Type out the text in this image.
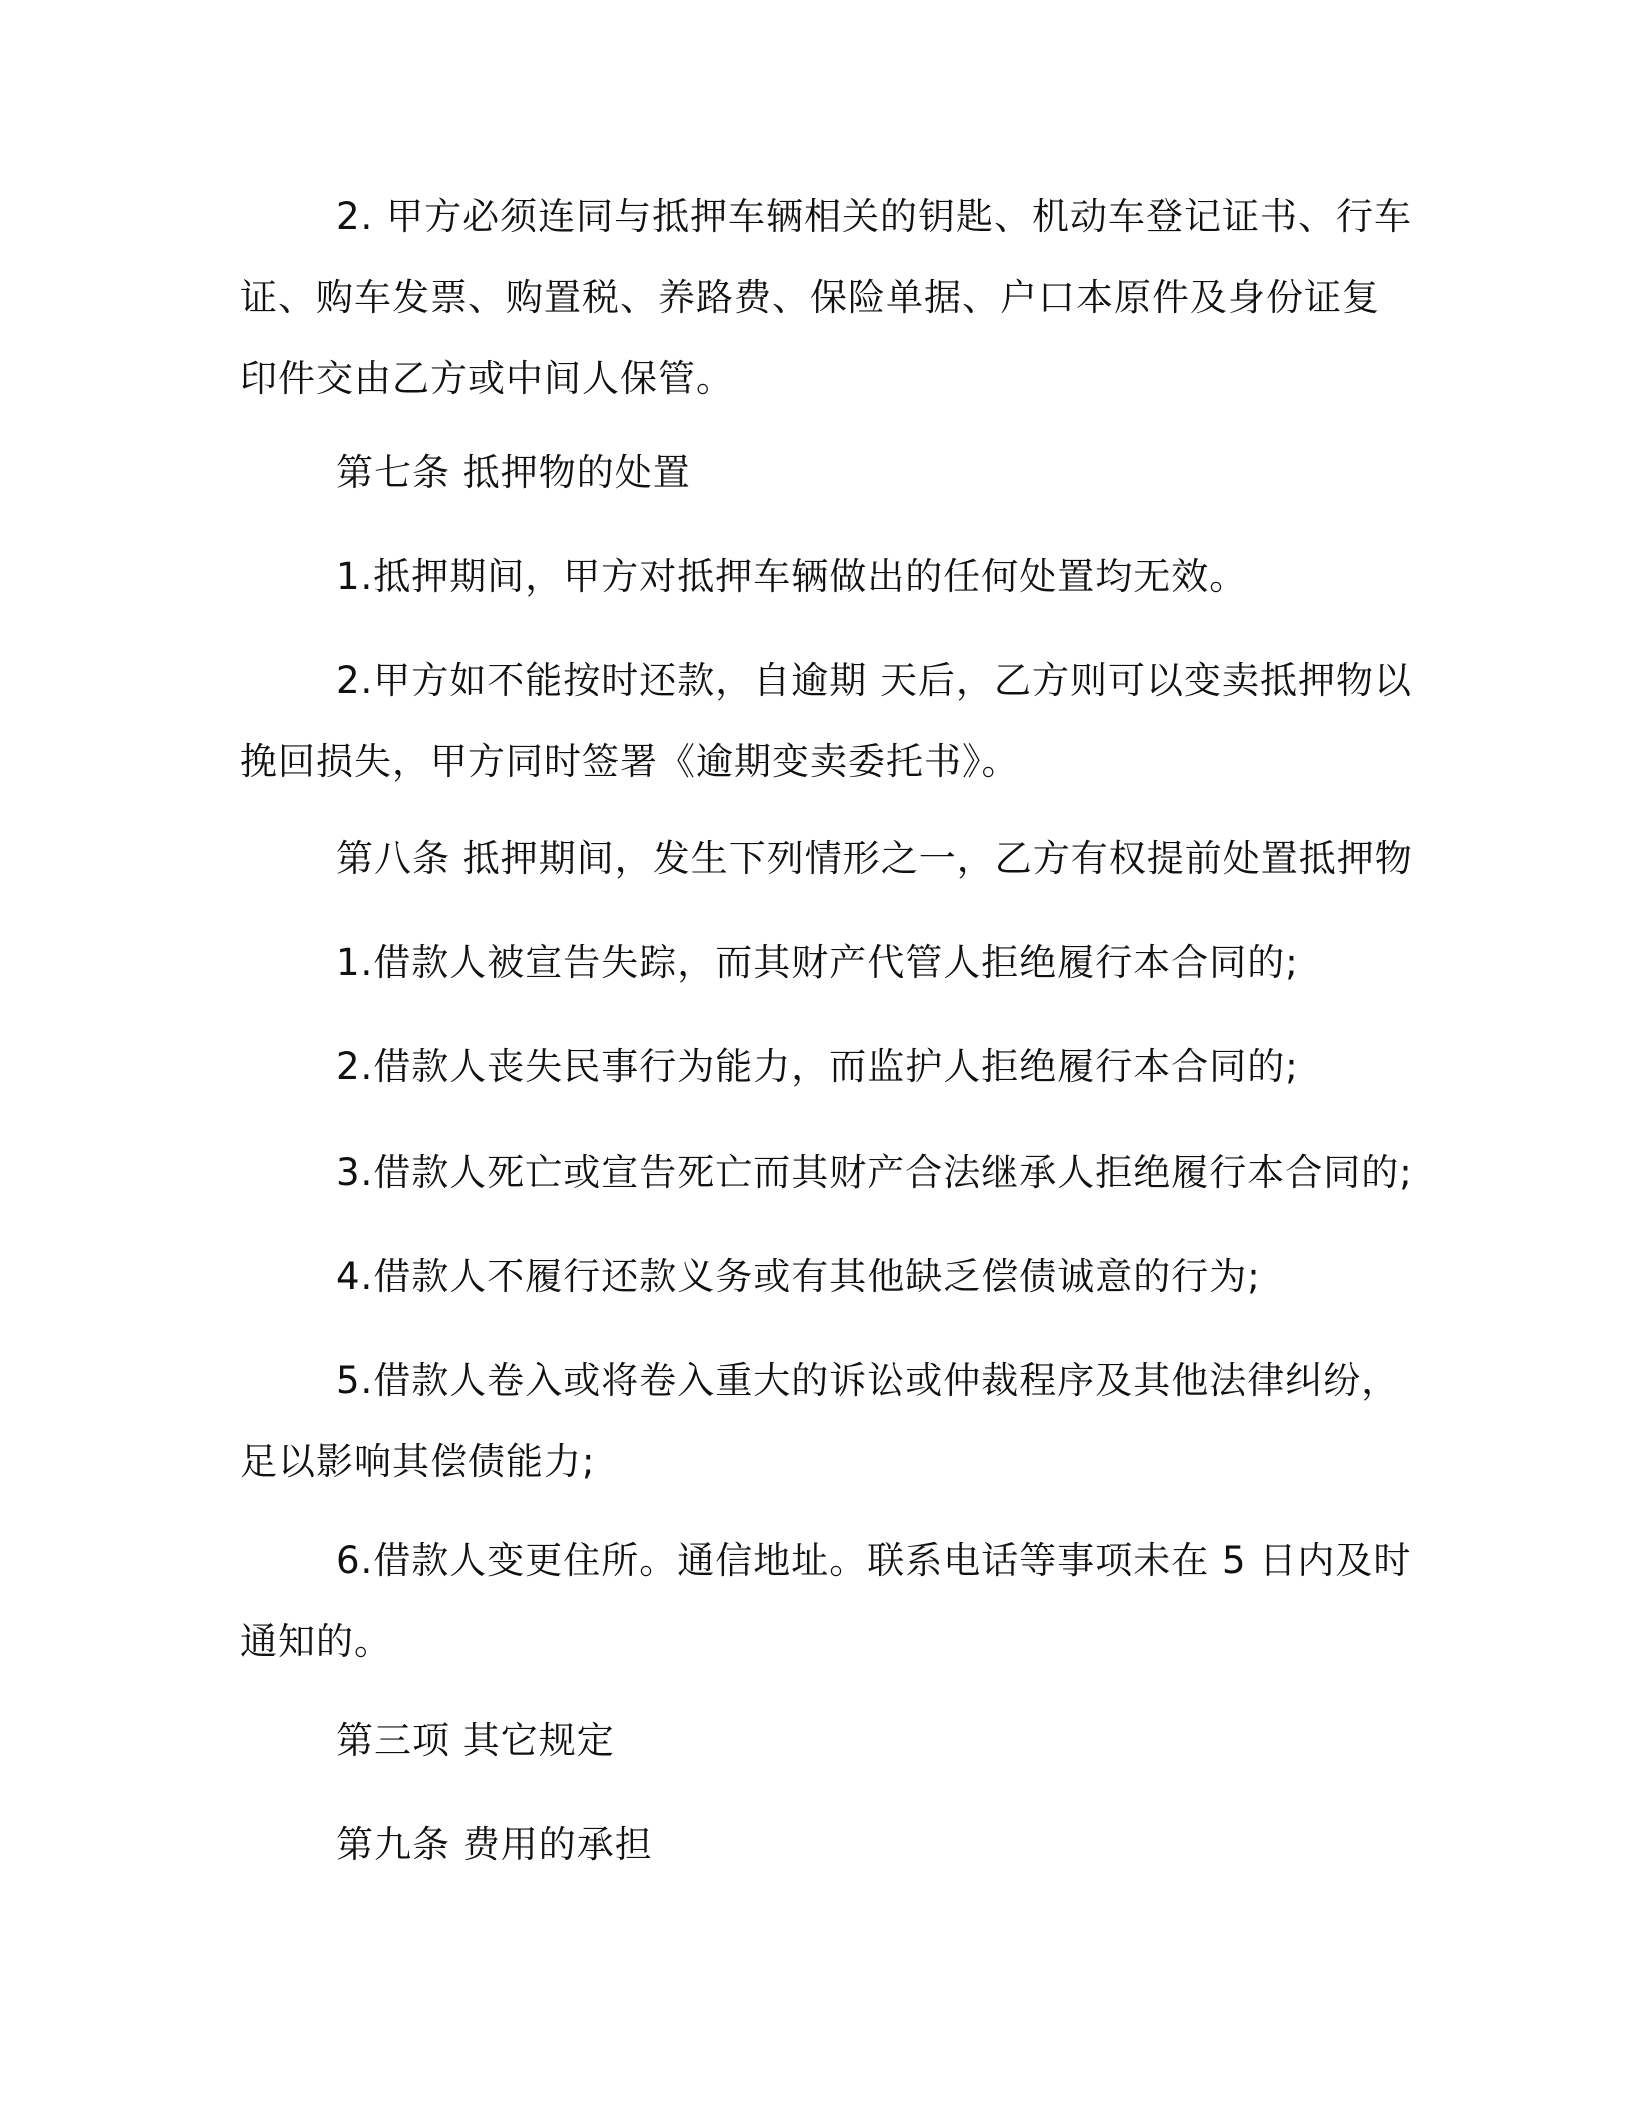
2. 甲方必须连同与抵押车辆相关的钥匙、机动车登记证书、行车
证、购车发票、购置税、养路费、保险单据、户口本原件及身份证复
印件交由乙方或中间人保管。
第七条 抵押物的处置
1.抵押期间，甲方对抵押车辆做出的任何处置均无效。
2.甲方如不能按时还款，自逾期 天后，乙方则可以变卖抵押物以
挽回损失，甲方同时签署《逾期变卖委托书》。
第八条 抵押期间，发生下列情形之一，乙方有权提前处置抵押物
1.借款人被宣告失踪，而其财产代管人拒绝履行本合同的;
2.借款人丧失民事行为能力，而监护人拒绝履行本合同的;
3.借款人死亡或宣告死亡而其财产合法继承人拒绝履行本合同的;
4.借款人不履行还款义务或有其他缺乏偿债诚意的行为;
5.借款人卷入或将卷入重大的诉讼或仲裁程序及其他法律纠纷，
足以影响其偿债能力;
6.借款人变更住所。通信地址。联系电话等事项未在 5 日内及时
通知的。
第三项 其它规定
第九条 费用的承担
